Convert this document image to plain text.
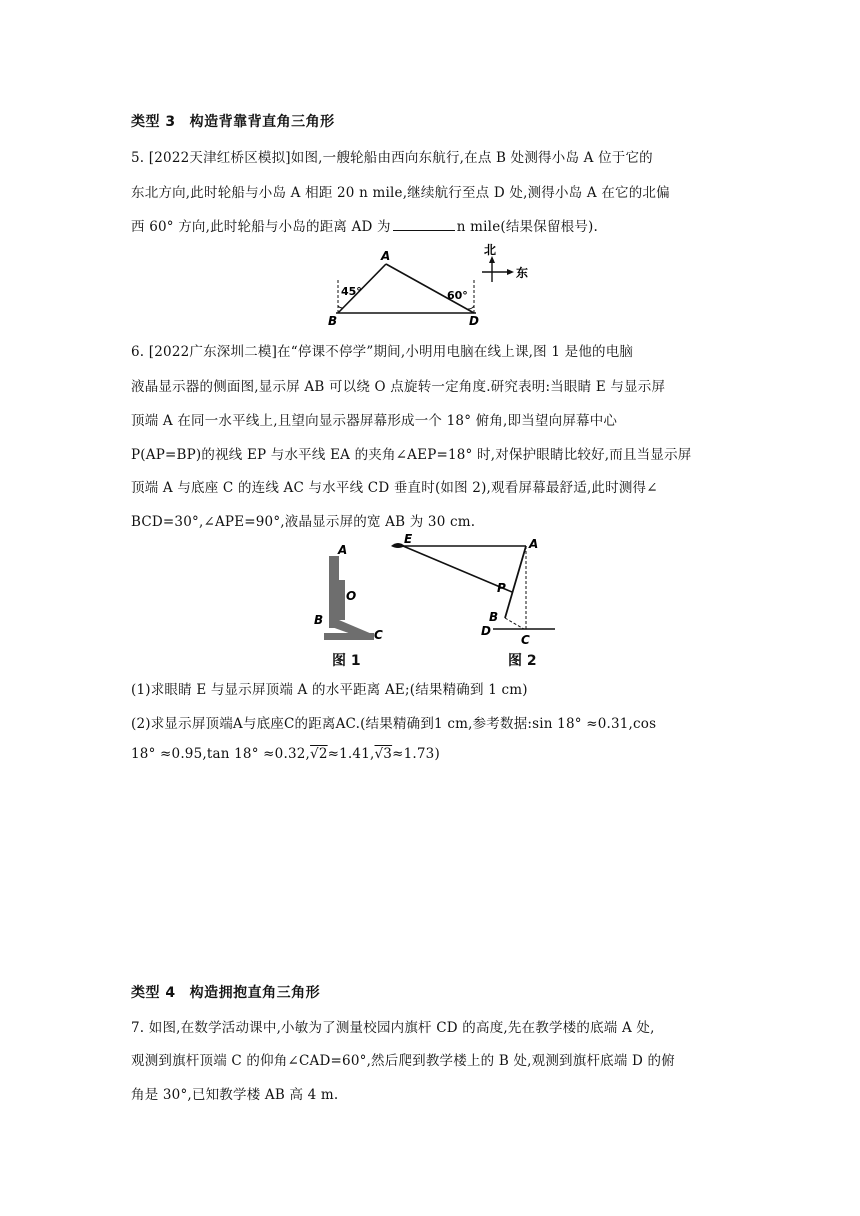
类型 3 构造背靠背直角三角形
5. [2022天津红桥区模拟]如图,一艘轮船由西向东航行,在点 B 处测得小岛 A 位于它的
东北方向,此时轮船与小岛 A 相距 20 n mile,继续航行至点 D 处,测得小岛 A 在它的北偏
西 60° 方向,此时轮船与小岛的距离 AD 为	n mile(结果保留根号).
A
B	D
45°	60°
北
东
6. [2022广东深圳二模]在“停课不停学”期间,小明用电脑在线上课,图 1 是他的电脑
液晶显示器的侧面图,显示屏 AB 可以绕 O 点旋转一定角度.研究表明:当眼睛 E 与显示屏
顶端 A 在同一水平线上,且望向显示器屏幕形成一个 18° 俯角,即当望向屏幕中心
P(AP=BP)的视线 EP 与水平线 EA 的夹角∠AEP=18° 时,对保护眼睛比较好,而且当显示屏
顶端 A 与底座 C 的连线 AC 与水平线 CD 垂直时(如图 2),观看屏幕最舒适,此时测得∠
BCD=30°,∠APE=90°,液晶显示屏的宽 AB 为 30 cm.
A
O
B
C
图 1
E	A
P
B
D
C
图 2
(1)求眼睛 E 与显示屏顶端 A 的水平距离 AE;(结果精确到 1 cm)
(2)求显示屏顶端A与底座C的距离AC.(结果精确到1 cm,参考数据:sin 18° ≈0.31,cos
18° ≈0.95,tan 18° ≈0.32,√2≈1.41,√3≈1.73)
类型 4 构造拥抱直角三角形
7. 如图,在数学活动课中,小敏为了测量校园内旗杆 CD 的高度,先在教学楼的底端 A 处,
观测到旗杆顶端 C 的仰角∠CAD=60°,然后爬到教学楼上的 B 处,观测到旗杆底端 D 的俯
角是 30°,已知教学楼 AB 高 4 m.
